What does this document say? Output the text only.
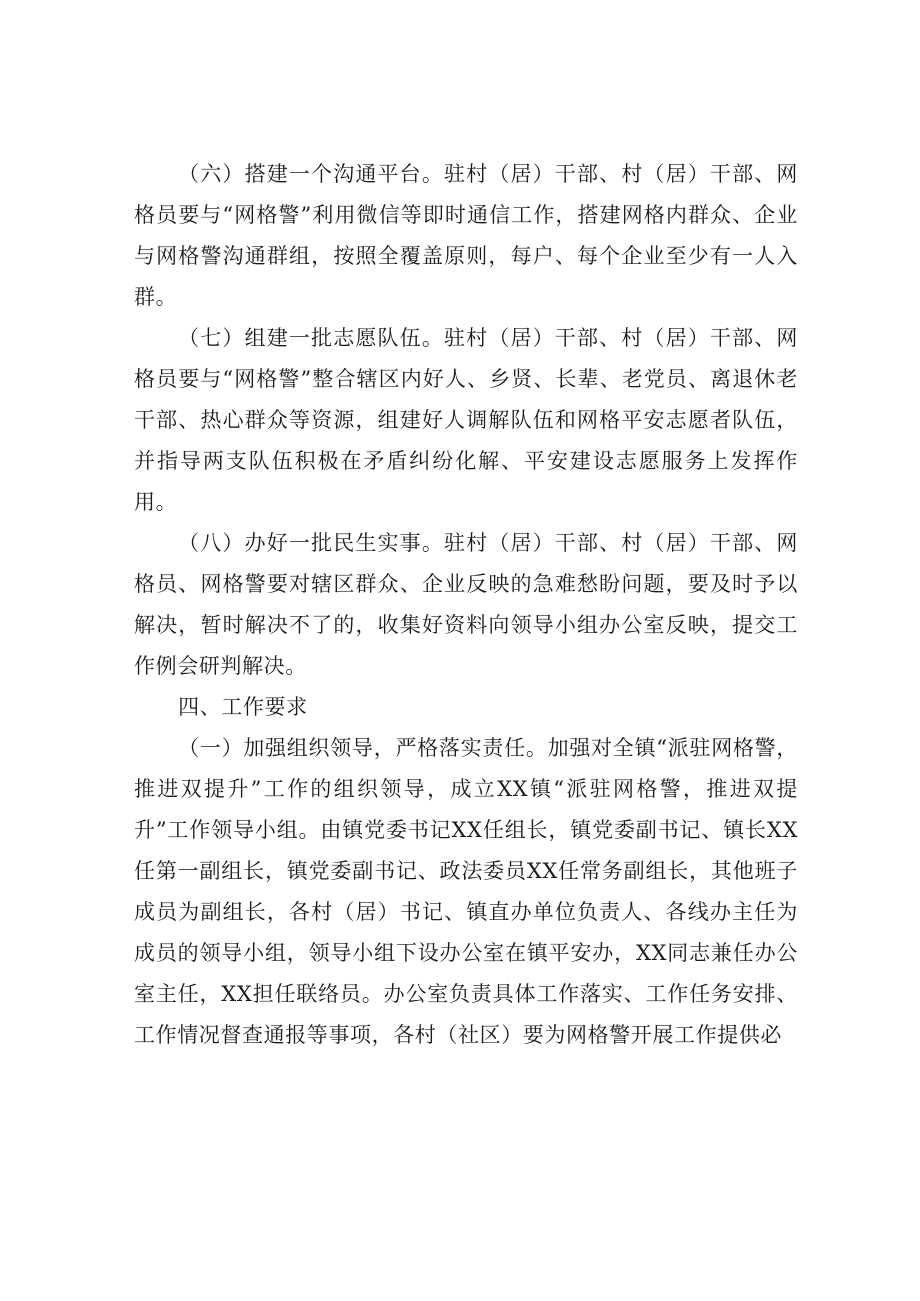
（六）搭建一个沟通平台。驻村（居）干部、村（居）干部、网格员要与“网格警”利用微信等即时通信工作，搭建网格内群众、企业与网格警沟通群组，按照全覆盖原则，每户、每个企业至少有一人入群。

（七）组建一批志愿队伍。驻村（居）干部、村（居）干部、网格员要与“网格警”整合辖区内好人、乡贤、长辈、老党员、离退休老干部、热心群众等资源，组建好人调解队伍和网格平安志愿者队伍，并指导两支队伍积极在矛盾纠纷化解、平安建设志愿服务上发挥作用。

（八）办好一批民生实事。驻村（居）干部、村（居）干部、网格员、网格警要对辖区群众、企业反映的急难愁盼问题，要及时予以解决，暂时解决不了的，收集好资料向领导小组办公室反映，提交工作例会研判解决。

四、工作要求

（一）加强组织领导，严格落实责任。加强对全镇“派驻网格警，推进双提升”工作的组织领导，成立XX镇“派驻网格警，推进双提升”工作领导小组。由镇党委书记XX任组长，镇党委副书记、镇长XX任第一副组长，镇党委副书记、政法委员XX任常务副组长，其他班子成员为副组长，各村（居）书记、镇直办单位负责人、各线办主任为成员的领导小组，领导小组下设办公室在镇平安办，XX同志兼任办公室主任，XX担任联络员。办公室负责具体工作落实、工作任务安排、工作情况督查通报等事项，各村（社区）要为网格警开展工作提供必
